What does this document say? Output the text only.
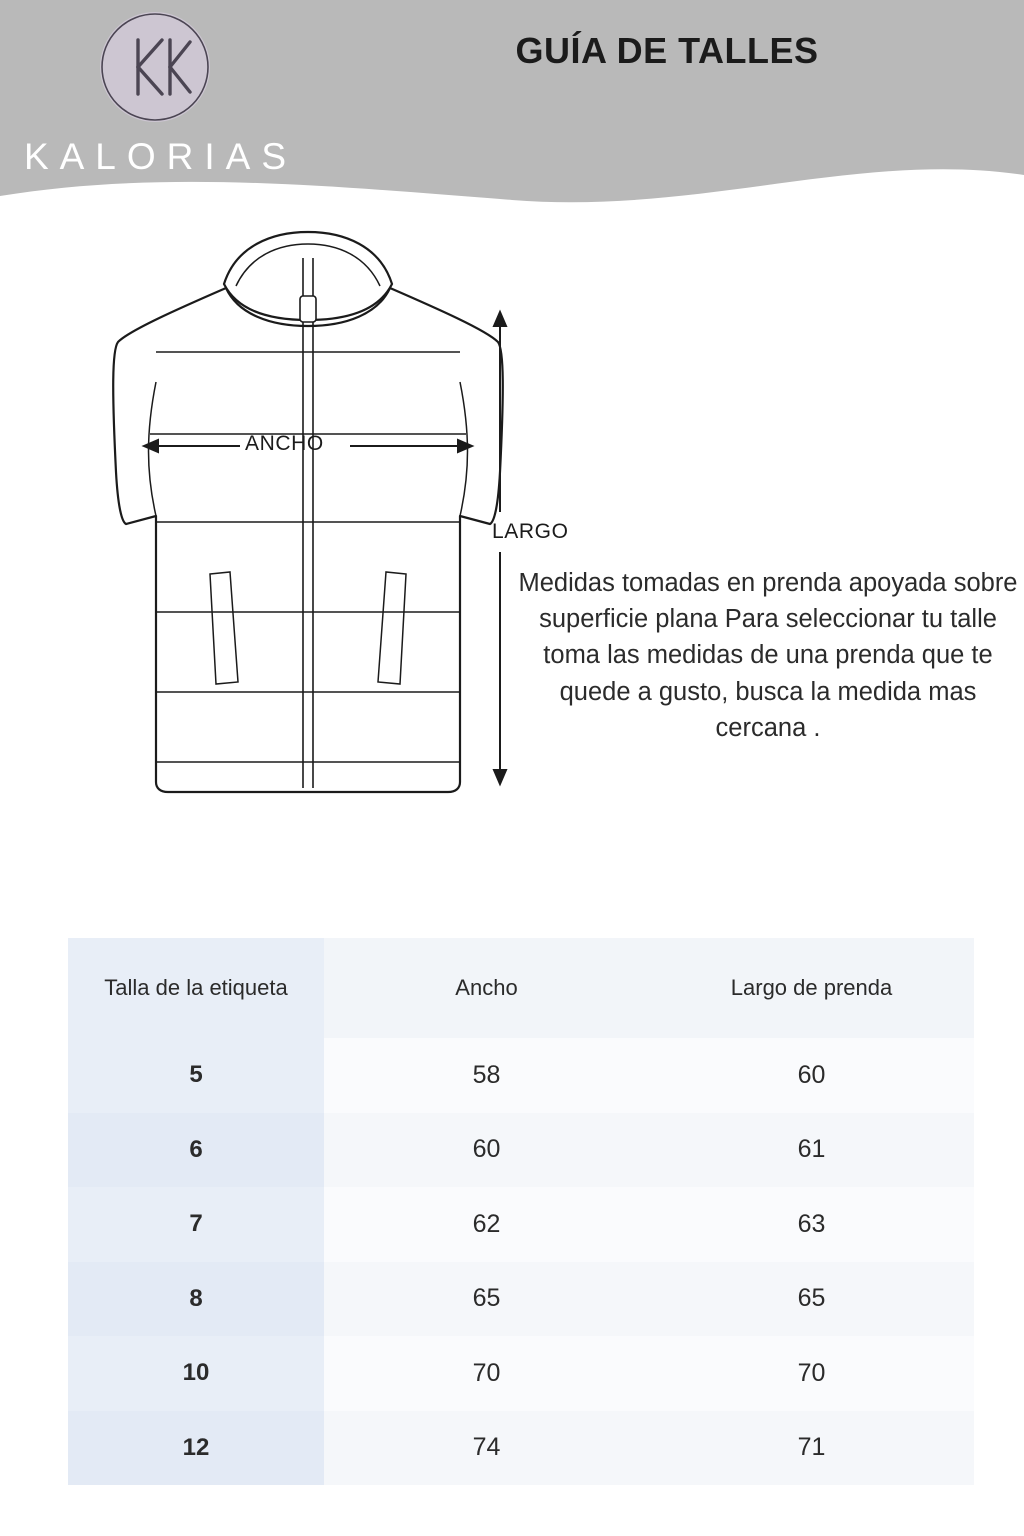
KALORIAS
PLUS SIZE
GUÍA DE TALLES
ANCHO
LARGO
Medidas tomadas en prenda apoyada sobre superficie plana Para seleccionar tu talle toma las medidas de una prenda que te quede a gusto, busca la medida mas cercana .
Talla de la etiqueta	Ancho	Largo de prenda
5	58	60
6	60	61
7	62	63
8	65	65
10	70	70
12	74	71
